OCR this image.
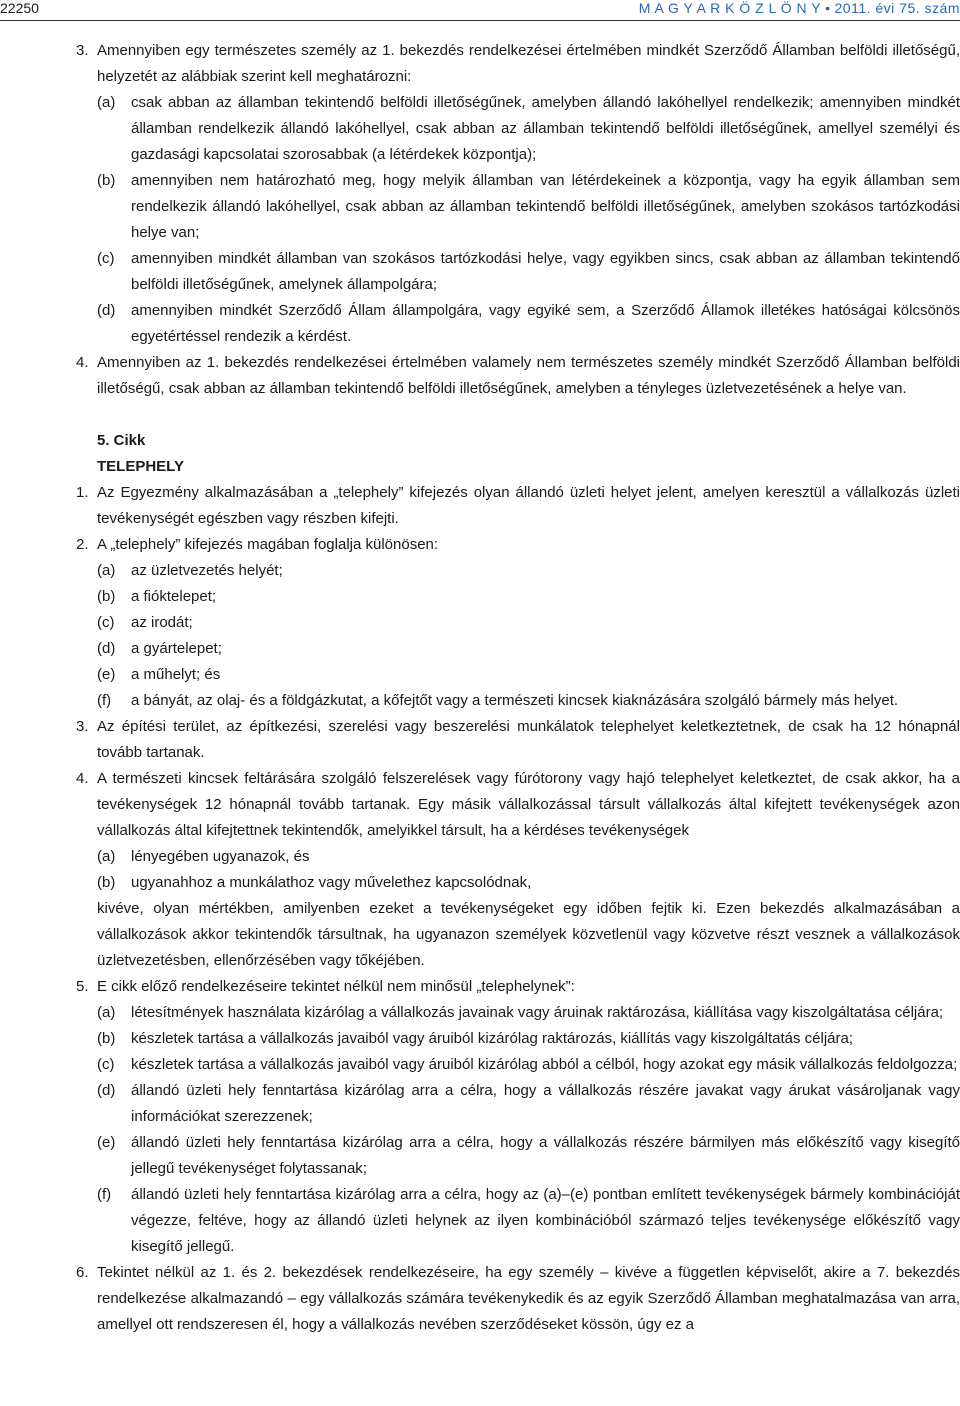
22250	M A G Y A R K Ö Z L Ö N Y • 2011. évi 75. szám
3. Amennyiben egy természetes személy az 1. bekezdés rendelkezései értelmében mindkét Szerződő Államban belföldi illetőségű, helyzetét az alábbiak szerint kell meghatározni:
(a) csak abban az államban tekintendő belföldi illetőségűnek, amelyben állandó lakóhellyel rendelkezik; amennyiben mindkét államban rendelkezik állandó lakóhellyel, csak abban az államban tekintendő belföldi illetőségűnek, amellyel személyi és gazdasági kapcsolatai szorosabbak (a létérdekek központja);
(b) amennyiben nem határozható meg, hogy melyik államban van létérdekeinek a központja, vagy ha egyik államban sem rendelkezik állandó lakóhellyel, csak abban az államban tekintendő belföldi illetőségűnek, amelyben szokásos tartózkodási helye van;
(c) amennyiben mindkét államban van szokásos tartózkodási helye, vagy egyikben sincs, csak abban az államban tekintendő belföldi illetőségűnek, amelynek állampolgára;
(d) amennyiben mindkét Szerződő Állam állampolgára, vagy egyiké sem, a Szerződő Államok illetékes hatóságai kölcsönös egyetértéssel rendezik a kérdést.
4. Amennyiben az 1. bekezdés rendelkezései értelmében valamely nem természetes személy mindkét Szerződő Államban belföldi illetőségű, csak abban az államban tekintendő belföldi illetőségűnek, amelyben a tényleges üzletvezetésének a helye van.
5. Cikk
TELEPHELY
1. Az Egyezmény alkalmazásában a „telephely” kifejezés olyan állandó üzleti helyet jelent, amelyen keresztül a vállalkozás üzleti tevékenységét egészben vagy részben kifejti.
2. A „telephely” kifejezés magában foglalja különösen:
(a) az üzletvezetés helyét;
(b) a fióktelepet;
(c) az irodát;
(d) a gyártelepet;
(e) a műhelyt; és
(f) a bányát, az olaj- és a földgázkutat, a kőfejtőt vagy a természeti kincsek kiaknázására szolgáló bármely más helyet.
3. Az építési terület, az építkezési, szerelési vagy beszerelési munkálatok telephelyet keletkeztetnek, de csak ha 12 hónapnál tovább tartanak.
4. A természeti kincsek feltárására szolgáló felszerelések vagy fúrótorony vagy hajó telephelyet keletkeztet, de csak akkor, ha a tevékenységek 12 hónapnál tovább tartanak. Egy másik vállalkozással társult vállalkozás által kifejtett tevékenységek azon vállalkozás által kifejtettnek tekintendők, amelyikkel társult, ha a kérdéses tevékenységek
(a) lényegében ugyanazok, és
(b) ugyanahhoz a munkálathoz vagy művelethez kapcsolódnak,
kivéve, olyan mértékben, amilyenben ezeket a tevékenységeket egy időben fejtik ki. Ezen bekezdés alkalmazásában a vállalkozások akkor tekintendők társultnak, ha ugyanazon személyek közvetlenül vagy közvetve részt vesznek a vállalkozások üzletvezetésben, ellenőrzésében vagy tőkéjében.
5. E cikk előző rendelkezéseire tekintet nélkül nem minősül „telephelynek”:
(a) létesítmények használata kizárólag a vállalkozás javainak vagy áruinak raktározása, kiállítása vagy kiszolgáltatása céljára;
(b) készletek tartása a vállalkozás javaiból vagy áruiból kizárólag raktározás, kiállítás vagy kiszolgáltatás céljára;
(c) készletek tartása a vállalkozás javaiból vagy áruiból kizárólag abból a célból, hogy azokat egy másik vállalkozás feldolgozza;
(d) állandó üzleti hely fenntartása kizárólag arra a célra, hogy a vállalkozás részére javakat vagy árukat vásároljanak vagy információkat szerezzenek;
(e) állandó üzleti hely fenntartása kizárólag arra a célra, hogy a vállalkozás részére bármilyen más előkészítő vagy kisegítő jellegű tevékenységet folytassanak;
(f) állandó üzleti hely fenntartása kizárólag arra a célra, hogy az (a)–(e) pontban említett tevékenységek bármely kombinációját végezze, feltéve, hogy az állandó üzleti helynek az ilyen kombinációból származó teljes tevékenysége előkészítő vagy kisegítő jellegű.
6. Tekintet nélkül az 1. és 2. bekezdések rendelkezéseire, ha egy személy – kivéve a független képviselőt, akire a 7. bekezdés rendelkezése alkalmazandó – egy vállalkozás számára tevékenykedik és az egyik Szerződő Államban meghatalmazása van arra, amellyel ott rendszeresen él, hogy a vállalkozás nevében szerződéseket kössön, úgy ez a
